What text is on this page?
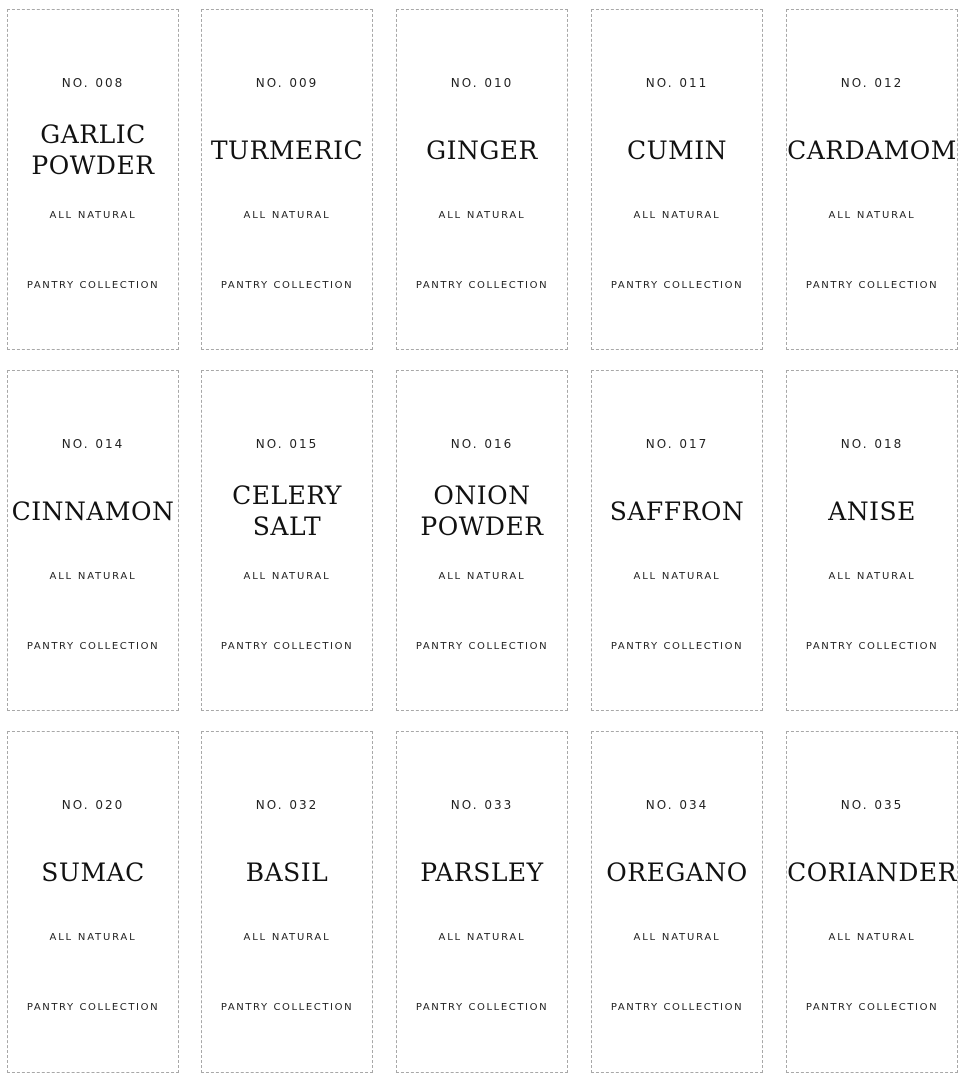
NO. 008
GARLIC
POWDER
ALL NATURAL
PANTRY COLLECTION
NO. 009
TURMERIC
ALL NATURAL
PANTRY COLLECTION
NO. 010
GINGER
ALL NATURAL
PANTRY COLLECTION
NO. 011
CUMIN
ALL NATURAL
PANTRY COLLECTION
NO. 012
CARDAMOM
ALL NATURAL
PANTRY COLLECTION
NO. 014
CINNAMON
ALL NATURAL
PANTRY COLLECTION
NO. 015
CELERY
SALT
ALL NATURAL
PANTRY COLLECTION
NO. 016
ONION
POWDER
ALL NATURAL
PANTRY COLLECTION
NO. 017
SAFFRON
ALL NATURAL
PANTRY COLLECTION
NO. 018
ANISE
ALL NATURAL
PANTRY COLLECTION
NO. 020
SUMAC
ALL NATURAL
PANTRY COLLECTION
NO. 032
BASIL
ALL NATURAL
PANTRY COLLECTION
NO. 033
PARSLEY
ALL NATURAL
PANTRY COLLECTION
NO. 034
OREGANO
ALL NATURAL
PANTRY COLLECTION
NO. 035
CORIANDER
ALL NATURAL
PANTRY COLLECTION
